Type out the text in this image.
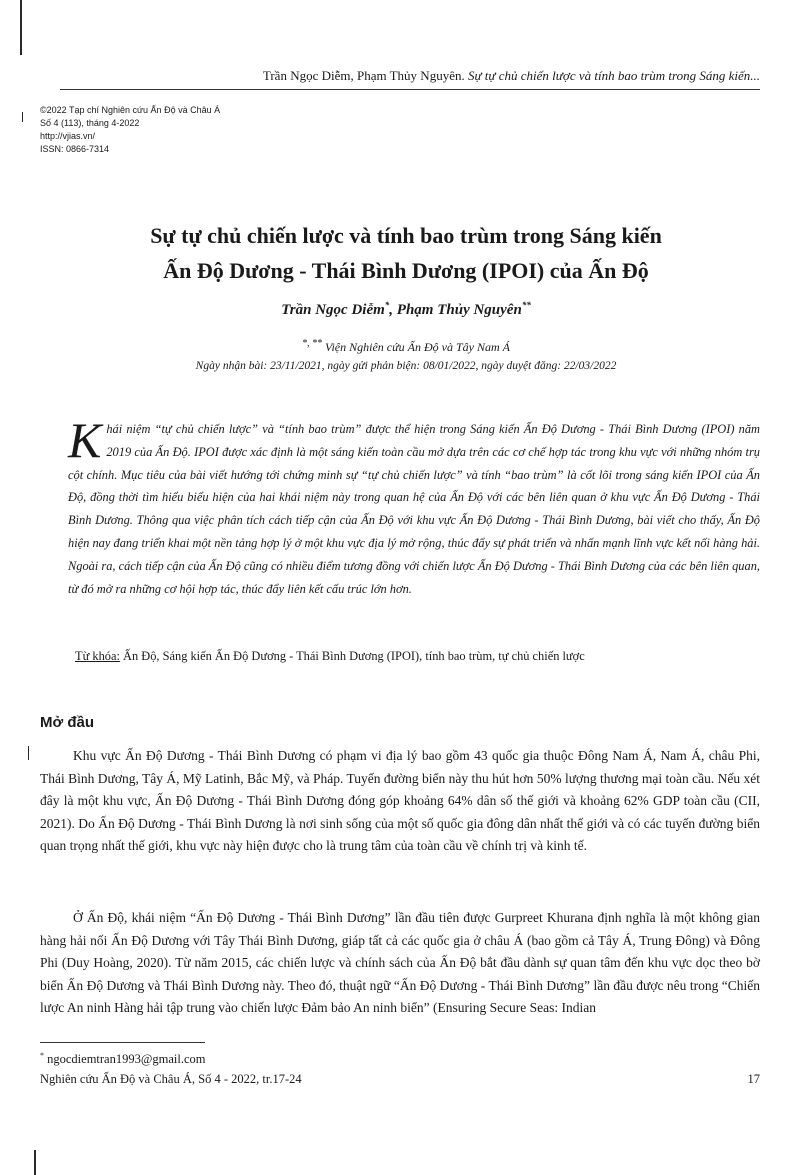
Trần Ngọc Diễm, Phạm Thủy Nguyên. Sự tự chủ chiến lược và tính bao trùm trong Sáng kiến...
©2022 Tạp chí Nghiên cứu Ấn Độ và Châu Á
Số 4 (113), tháng 4-2022
http://vjias.vn/
ISSN: 0866-7314
Sự tự chủ chiến lược và tính bao trùm trong Sáng kiến
Ấn Độ Dương - Thái Bình Dương (IPOI) của Ấn Độ
Trần Ngọc Diễm*, Phạm Thủy Nguyên**
*, ** Viện Nghiên cứu Ấn Độ và Tây Nam Á
Ngày nhận bài: 23/11/2021, ngày gửi phản biện: 08/01/2022, ngày duyệt đăng: 22/03/2022
Khái niệm “tự chủ chiến lược” và “tính bao trùm” được thể hiện trong Sáng kiến Ấn Độ Dương - Thái Bình Dương (IPOI) năm 2019 của Ấn Độ. IPOI được xác định là một sáng kiến toàn cầu mở dựa trên các cơ chế hợp tác trong khu vực với những nhóm trụ cột chính. Mục tiêu của bài viết hướng tới chứng minh sự “tự chủ chiến lược” và tính “bao trùm” là cốt lõi trong sáng kiến IPOI của Ấn Độ, đồng thời tìm hiểu biểu hiện của hai khái niệm này trong quan hệ của Ấn Độ với các bên liên quan ở khu vực Ấn Độ Dương - Thái Bình Dương. Thông qua việc phân tích cách tiếp cận của Ấn Độ với khu vực Ấn Độ Dương - Thái Bình Dương, bài viết cho thấy, Ấn Độ hiện nay đang triển khai một nền tảng hợp lý ở một khu vực địa lý mở rộng, thúc đẩy sự phát triển và nhấn mạnh lĩnh vực kết nối hàng hải. Ngoài ra, cách tiếp cận của Ấn Độ cũng có nhiều điểm tương đồng với chiến lược Ấn Độ Dương - Thái Bình Dương của các bên liên quan, từ đó mở ra những cơ hội hợp tác, thúc đẩy liên kết cấu trúc lớn hơn.
Từ khóa: Ấn Độ, Sáng kiến Ấn Độ Dương - Thái Bình Dương (IPOI), tính bao trùm, tự chủ chiến lược
Mở đầu

Khu vực Ấn Độ Dương - Thái Bình Dương có phạm vi địa lý bao gồm 43 quốc gia thuộc Đông Nam Á, Nam Á, châu Phi, Thái Bình Dương, Tây Á, Mỹ Latinh, Bắc Mỹ, và Pháp. Tuyến đường biển này thu hút hơn 50% lượng thương mại toàn cầu. Nếu xét đây là một khu vực, Ấn Độ Dương - Thái Bình Dương đóng góp khoảng 64% dân số thế giới và khoảng 62% GDP toàn cầu (CII, 2021). Do Ấn Độ Dương - Thái Bình Dương là nơi sinh sống của một số quốc gia đông dân nhất thế giới và có các tuyến đường biển quan trọng nhất thế giới, khu vực này hiện được cho là trung tâm của toàn cầu về chính trị và kinh tế.

Ở Ấn Độ, khái niệm “Ấn Độ Dương - Thái Bình Dương” lần đầu tiên được Gurpreet Khurana định nghĩa là một không gian hàng hải nối Ấn Độ Dương với Tây Thái Bình Dương, giáp tất cả các quốc gia ở châu Á (bao gồm cả Tây Á, Trung Đông) và Đông Phi (Duy Hoàng, 2020). Từ năm 2015, các chiến lược và chính sách của Ấn Độ bắt đầu dành sự quan tâm đến khu vực dọc theo bờ biển Ấn Độ Dương và Thái Bình Dương này. Theo đó, thuật ngữ “Ấn Độ Dương - Thái Bình Dương” lần đầu được nêu trong “Chiến lược An ninh Hàng hải tập trung vào chiến lược Đảm bảo An ninh biển” (Ensuring Secure Seas: Indian

* ngocdiemtran1993@gmail.com
Nghiên cứu Ấn Độ và Châu Á, Số 4 - 2022, tr.17-24	17
